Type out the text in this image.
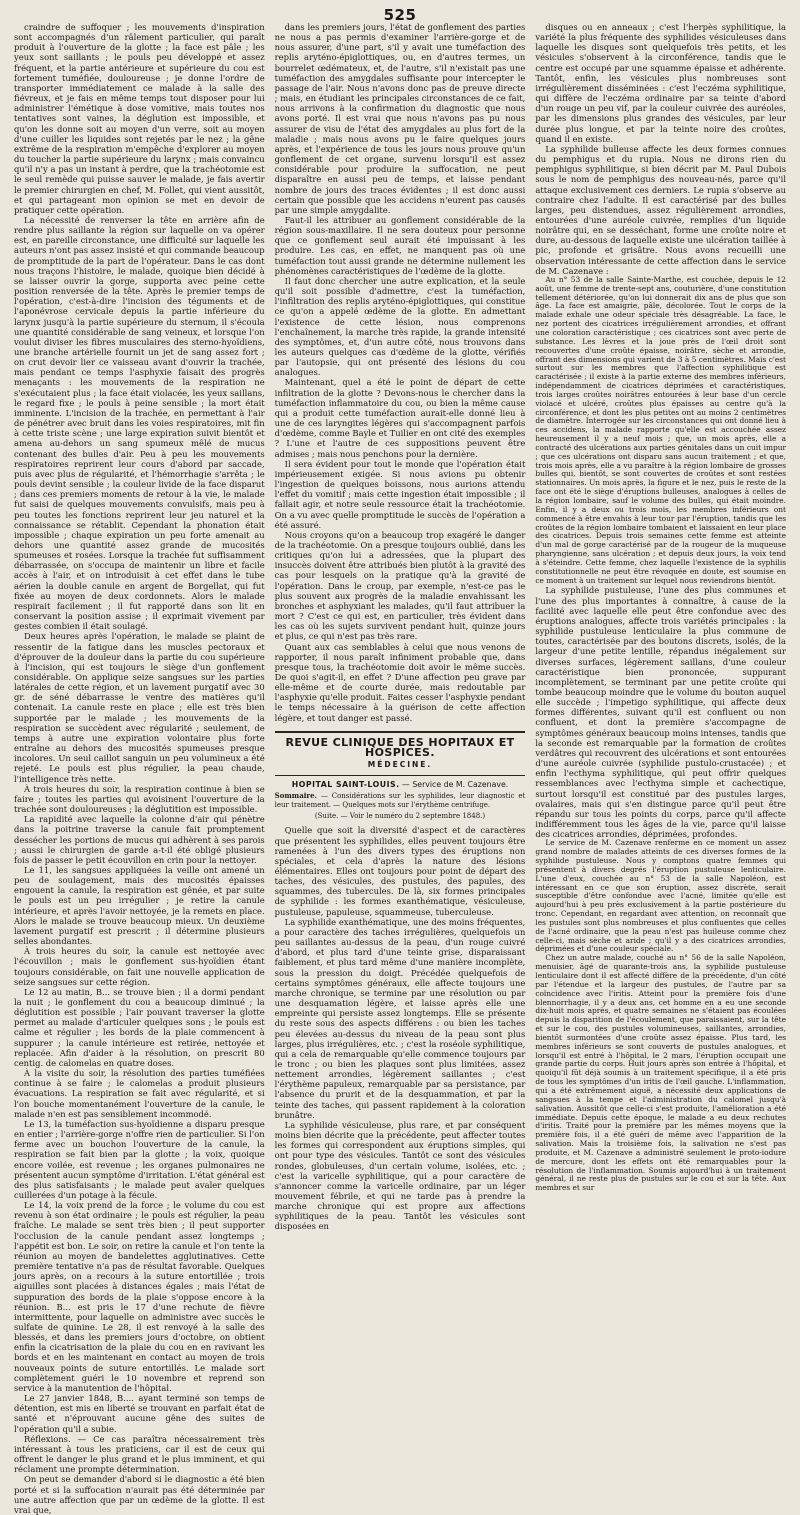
525

craindre de suffoquer ; les mouvements d'inspiration sont accompagnés d'un râlement particulier, qui paraît produit à l'ouverture de la glotte ; la face est pâle ; les yeux sont saillants ; le pouls peu développé et assez fréquent, et la partie antérieure et supérieure du cou est fortement tuméfiée, douloureuse ; je donne l'ordre de transporter immédiatement ce malade à la salle des fiévreux, et je fais en même temps tout disposer pour lui administrer l'émétique à dose vomitive, mais toutes nos tentatives sont vaines, la déglution est impossible, et qu'on les donne soit au moyen d'un verre, soit au moyen d'une cuiller les liquides sont rejetés par le nez ; la gêne extrême de la respiration m'empêche d'explorer au moyen du toucher la partie supérieure du larynx ; mais convaincu qu'il n'y a pas un instant à perdre, que la trachéotomie est le seul remède qui puisse sauver le malade, je fais avertir le premier chirurgien en chef, M. Follet, qui vient aussitôt, et qui partageant mon opinion se met en devoir de pratiquer cette opération.

La nécessité de renverser la tête en arrière afin de rendre plus saillante la région sur laquelle on va opérer est, en pareille circonstance, une difficulté sur laquelle les auteurs n'ont pas assez insisté et qui commande beaucoup de promptitude de la part de l'opérateur. Dans le cas dont nous traçons l'histoire, le malade, quoique bien décidé à se laisser ouvrir la gorge, supporta avec peine cette position renversée de la tête. Après le premier temps de l'opération, c'est-à-dire l'incision des téguments et de l'aponévrose cervicale depuis la partie inférieure du larynx jusqu'à la partie supérieure du sternum, il s'écoula une quantité considérable de sang veineux, et lorsque l'on voulut diviser les fibres musculaires des sterno-hyoïdiens, une branche artérielle fournit un jet de sang assez fort ; on crut devoir lier ce vaisseau avant d'ouvrir la trachée, mais pendant ce temps l'asphyxie faisait des progrès menaçants : les mouvements de la respiration ne s'exécutaient plus ; la face était violacée, les yeux saillans, le regard fixe ; le pouls à peine sensible ; la mort était imminente. L'incision de la trachée, en permettant à l'air de pénétrer avec bruit dans les voies respiratoires, mit fin à cette triste scène ; une large expiration suivit bientôt et amena au-dehors un sang spumeux mêlé de mucus contenant des bulles d'air. Peu à peu les mouvements respiratoires reprirent leur cours d'abord par saccade, puis avec plus de régularité, et l'hémorrhagie s'arrêta ; le pouls devint sensible ; la couleur livide de la face disparut ; dans ces premiers moments de retour à la vie, le malade fut saisi de quelques mouvements convulsifs, mais peu à peu toutes les fonctions reprirent leur jeu naturel et la connaissance se rétablit. Cependant la phonation était impossible ; chaque expiration un peu forte amenait au dehors une quantité assez grande de mucosités spumeuses et rosées. Lorsque la trachée fut suffisamment débarrassée, on s'occupa de maintenir un libre et facile accès à l'air, et on introduisit à cet effet dans le tube aérien la double canule en argent de Borgellat, qui fut fixée au moyen de deux cordonnets. Alors le malade respirait facilement ; il fut rapporté dans son lit en conservant la position assise ; il exprimait vivement par gestes combien il était soulagé.

Deux heures après l'opération, le malade se plaint de ressentir de la fatigue dans les muscles pectoraux et d'éprouver de la douleur dans la partie du cou supérieure à l'incision, qui est toujours le siège d'un gonflement considérable. On applique seize sangsues sur les parties latérales de cette région, et un lavement purgatif avec 30 gr. de séné débarrasse le ventre des matières qu'il contenait. La canule reste en place ; elle est très bien supportée par le malade ; les mouvements de la respiration se succèdent avec régularité ; seulement, de temps à autre une expiration volontaire plus forte entraîne au dehors des mucosités spumeuses presque incolores. Un seul caillot sanguin un peu volumineux a été rejeté. Le pouls est plus régulier, la peau chaude, l'intelligence très nette.

À trois heures du soir, la respiration continue à bien se faire ; toutes les parties qui avoisinent l'ouverture de la trachée sont douloureuses ; la déglutition est impossible.

La rapidité avec laquelle la colonne d'air qui pénètre dans la poitrine traverse la canule fait promptement dessécher les portions de mucus qui adhèrent à ses parois ; aussi le chirurgien de garde a-t-il été obligé plusieurs fois de passer le petit écouvillon en crin pour la nettoyer.

Le 11, les sangsues appliquées la veille ont amené un peu de soulagement, mais des mucosités épaisses engouent la canule, la respiration est gênée, et par suite le pouls est un peu irrégulier ; je retire la canule intérieure, et après l'avoir nettoyée, je la remets en place. Alors le malade se trouve beaucoup mieux. Un deuxième lavement purgatif est prescrit ; il détermine plusieurs selles abondantes.

À trois heures du soir, la canule est nettoyée avec l'écouvillon ; mais le gonflement sus-hyoïdien étant toujours considérable, on fait une nouvelle application de seize sangsues sur cette région.

Le 12 au matin, B... se trouve bien ; il a dormi pendant la nuit ; le gonflement du cou a beaucoup diminué ; la déglutition est possible ; l'air pouvant traverser la glotte permet au malade d'articuler quelques sons ; le pouls est calme et régulier ; les bords de la plaie commencent à suppurer ; la canule intérieure est retirée, nettoyée et replacée. Afin d'aider à la résolution, on prescrit 80 centig. de calomelas en quatre doses.

À la visite du soir, la résolution des parties tuméfiées continue à se faire ; le calomelas a produit plusieurs évacuations. La respiration se fait avec régularité, et si l'on bouche momentanément l'ouverture de la canule, le malade n'en est pas sensiblement incommodé.

Le 13, la tuméfaction sus-hyoïdienne a disparu presque en entier ; l'arrière-gorge n'offre rien de particulier. Si l'on ferme avec un bouchon l'ouverture de la canule, la respiration se fait bien par la glotte ; la voix, quoique encore voilée, est revenue ; les organes pulmonaires ne présentent aucun symptôme d'irritation. L'état général est des plus satisfaisants ; le malade peut avaler quelques cuillerées d'un potage à la fécule.

Le 14, la voix prend de la force ; le volume du cou est revenu à son état ordinaire ; le pouls est régulier, la peau fraîche. Le malade se sent très bien ; il peut supporter l'occlusion de la canule pendant assez longtemps ; l'appétit est bon. Le soir, on retire la canule et l'on tente la réunion au moyen de bandelettes agglutinatives. Cette première tentative n'a pas de résultat favorable. Quelques jours après, on a recours à la suture entortillée ; trois aiguilles sont placées à distances égales ; mais l'état de suppuration des bords de la plaie s'oppose encore à la réunion. B... est pris le 17 d'une rechute de fièvre intermittente, pour laquelle on administre avec succès le sulfate de quinine. Le 28, il est renvoyé à la salle des blessés, et dans les premiers jours d'octobre, on obtient enfin la cicatrisation de la plaie du cou en en ravivant les bords et en les maintenant en contact au moyen de trois nouveaux points de suture entortillés. Le malade sort complètement guéri le 10 novembre et reprend son service à la manutention de l'hôpital.

Le 27 janvier 1848, B.... ayant terminé son temps de détention, est mis en liberté se trouvant en parfait état de santé et n'éprouvant aucune gêne des suites de l'opération qu'il a subie.

Réflexions. — Ce cas paraîtra nécessairement très intéressant à tous les praticiens, car il est de ceux qui offrent le danger le plus grand et le plus imminent, et qui réclament une prompte détermination.

On peut se demander d'abord si le diagnostic a été bien porté et si la suffocation n'aurait pas été déterminée par une autre affection que par un œdème de la glotte. Il est vrai que,

dans les premiers jours, l'état de gonflement des parties ne nous a pas permis d'examiner l'arrière-gorge et de nous assurer, d'une part, s'il y avait une tuméfaction des replis aryténo-épiglottiques, ou, en d'autres termes, un bourrelet œdémateux, et, de l'autre, s'il n'existait pas une tuméfaction des amygdales suffisante pour intercepter le passage de l'air. Nous n'avons donc pas de preuve directe ; mais, en étudiant les principales circonstances de ce fait, nous arrivons à la confirmation du diagnostic que nous avons porté. Il est vrai que nous n'avons pas pu nous assurer de visu de l'état des amygdales au plus fort de la maladie ; mais nous avons pu le faire quelques jours après, et l'expérience de tous les jours nous prouve qu'un gonflement de cet organe, survenu lorsqu'il est assez considérable pour produire la suffocation, ne peut disparaître en aussi peu de temps, et laisse pendant nombre de jours des traces évidentes ; il est donc aussi certain que possible que les accidens n'eurent pas causés par une simple amygdalite.

Faut-il les attribuer au gonflement considérable de la région sous-maxillaire. Il ne sera douteux pour personne que ce gonflement seul aurait été impuissant à les produire. Les cas, en effet, ne manquent pas où une tuméfaction tout aussi grande ne détermine nullement les phénomènes caractéristiques de l'œdème de la glotte.

Il faut donc chercher une autre explication, et la seule qu'il soit possible d'admettre, c'est la tuméfaction, l'infiltration des replis aryténo-épiglottiques, qui constitue ce qu'on a appelé œdème de la glotte. En admettant l'existence de cette lésion, nous comprenons l'enchaînement, la marche très rapide, la grande intensité des symptômes, et, d'un autre côté, nous trouvons dans les auteurs quelques cas d'œdème de la glotte, vérifiés par l'autopsie, qui ont présenté des lésions du cou analogues.

Maintenant, quel a été le point de départ de cette infiltration de la glotte ? Devons-nous le chercher dans la tuméfaction inflammatoire du cou, ou bien la même cause qui a produit cette tuméfaction aurait-elle donné lieu à une de ces laryngites légères qui s'accompagnent parfois d'œdème, comme Bayle et Tuilier en ont cité des exemples ? L'une et l'autre de ces suppositions peuvent être admises ; mais nous penchons pour la dernière.

Il sera évident pour tout le monde que l'opération était impérieusement exigée. Si nous avions pu obtenir l'ingestion de quelques boissons, nous aurions attendu l'effet du vomitif ; mais cette ingestion était impossible ; il fallait agir, et notre seule ressource était la trachéotomie. On a vu avec quelle promptitude le succès de l'opération a été assuré.

Nous croyons qu'on a beaucoup trop exagéré le danger de la trachéotomie. On a presque toujours oublié, dans les critiques qu'on lui a adressées, que la plupart des insuccès doivent être attribués bien plutôt à la gravité des cas pour lesquels on la pratique qu'à la gravité de l'opération. Dans le croup, par exemple, n'est-ce pas le plus souvent aux progrès de la maladie envahissant les bronches et asphyxiant les malades, qu'il faut attribuer la mort ? C'est ce qui est, en particulier, très évident dans les cas où les sujets survivent pendant huit, quinze jours et plus, ce qui n'est pas très rare.

Quant aux cas semblables à celui que nous venons de rapporter, il nous paraît infiniment probable que, dans presque tous, la trachéotomie doit avoir le même succès. De quoi s'agit-il, en effet ? D'une affection peu grave par elle-même et de courte durée, mais redoutable par l'asphyxie qu'elle produit. Faites cesser l'asphyxie pendant le temps nécessaire à la guérison de cette affection légère, et tout danger est passé.

REVUE CLINIQUE DES HOPITAUX ET HOSPICES.
MÉDECINE.
HOPITAL SAINT-LOUIS. — Service de M. Cazenave.
Sommaire. — Considérations sur les syphilides, leur diagnostic et leur traitement. — Quelques mots sur l'érythème centrifuge.
(Suite. — Voir le numéro du 2 septembre 1848.)

Quelle que soit la diversité d'aspect et de caractères que présentent les syphilides, elles peuvent toujours être ramenées à l'un des divers types des éruptions non spéciales, et cela d'après la nature des lésions élémentaires. Elles ont toujours pour point de départ des taches, des vésicules, des pustules, des papules, des squammes, des tubercules. De là, six formes principales de syphilide : les formes exanthématique, vésiculeuse, pustuleuse, papuleuse, squammeuse, tuberculeuse.

La syphilide exanthématique, une des moins fréquentes, a pour caractère des taches irrégulières, quelquefois un peu saillantes au-dessus de la peau, d'un rouge cuivré d'abord, et plus tard d'une teinte grise, disparaissant faiblement, et plus tard même d'une manière incomplète, sous la pression du doigt. Précédée quelquefois de certains symptômes généraux, elle affecte toujours une marche chronique, se termine par une résolution ou par une desquamation légère, et laisse après elle une empreinte qui persiste assez longtemps. Elle se présente du reste sous des aspects différens : ou bien les taches peu élevées au-dessus du niveau de la peau sont plus larges, plus irrégulières, etc. ; c'est la roséole syphilitique, qui a cela de remarquable qu'elle commence toujours par le tronc ; ou bien les plaques sont plus limitées, assez nettement arrondies, légèrement saillantes ; c'est l'érythème papuleux, remarquable par sa persistance, par l'absence du prurit et de la desquammation, et par la teinte des taches, qui passent rapidement à la coloration brunâtre.

La syphilide vésiculeuse, plus rare, et par conséquent moins bien décrite que la précédente, peut affecter toutes les formes qui correspondent aux éruptions simples, qui ont pour type des vésicules. Tantôt ce sont des vésicules rondes, globuleuses, d'un certain volume, isolées, etc. ; c'est la varicelle syphilitique, qui a pour caractère de s'annoncer comme la varicelle ordinaire, par un léger mouvement fébrile, et qui ne tarde pas à prendre la marche chronique qui est propre aux affections syphilitiques de la peau. Tantôt les vésicules sont disposées en

disques ou en anneaux ; c'est l'herpès syphilitique, la variété la plus fréquente des syphilides vésiculeuses dans laquelle les disques sont quelquefois très petits, et les vésicules s'observent à la circonférence, tandis que le centre est occupé par une squamme épaisse et adhérente. Tantôt, enfin, les vésicules plus nombreuses sont irrégulièrement disséminées : c'est l'eczéma syphilitique, qui diffère de l'eczéma ordinaire par sa teinte d'abord d'un rouge un peu vif, par la couleur cuivrée des auréoles, par les dimensions plus grandes des vésicules, par leur durée plus longue, et par la teinte noire des croûtes, quand il en existe.

La syphilide bulleuse affecte les deux formes connues du pemphigus et du rupia. Nous ne dirons rien du pemphigus syphilitique, si bien décrit par M. Paul Dubois sous le nom de pemphigus des nouveau-nés, parce qu'il attaque exclusivement ces derniers. Le rupia s'observe au contraire chez l'adulte. Il est caractérisé par des bulles larges, peu distendues, assez régulièrement arrondies, entourées d'une auréole cuivrée, remplies d'un liquide noirâtre qui, en se desséchant, forme une croûte noire et dure, au-dessous de laquelle existe une ulcération taillée à pic, profonde et grisâtre. Nous avons recueilli une observation intéressante de cette affection dans le service de M. Cazenave :

Au n° 53 de la salle Sainte-Marthe, est couchée, depuis le 12 août, une femme de trente-sept ans, couturière, d'une constitution tellement détériorée, qu'on lui donnerait dix ans de plus que son âge. La face est amaigrie, pâle, décolorée. Tout le corps de la malade exhale une odeur spéciale très désagréable. La face, le nez portent des cicatrices irrégulièrement arrondies, et offrant une coloration caractéristique ; ces cicatrices sont avec perte de substance. Les lèvres et la joue près de l'œil droit sont recouvertes d'une croûte épaisse, noirâtre, sèche et arrondie, offrant des dimensions qui varient de 3 à 5 centimètres. Mais c'est surtout sur les membres que l'affection syphilitique est caractérisée ; il existe à la partie externe des membres inférieurs, indépendamment de cicatrices déprimées et caractéristiques, trois larges croûtes noirâtres entourées à leur base d'un cercle violacé et ulcéré, croûtes plus épaisses au centre qu'à la circonférence, et dont les plus petites ont au moins 2 centimètres de diamètre. Interrogée sur les circonstances qui ont donné lieu à ces accidens, la malade rapporte qu'elle est accouchée assez heureusement il y a neuf mois ; que, un mois après, elle a contracté des ulcérations aux parties génitales dans un cuit impur ; que ces ulcérations ont disparu sans aucun traitement ; et que, trois mois après, elle a vu paraître à la région lombaire de grosses bulles qui, bientôt, se sont couvertes de croûtes et sont restées stationnaires. Un mois après, la figure et le nez, puis le reste de la face ont été le siège d'éruptions bulleuses, analogues à celles de la région lombaire, sauf le volume des bulles, qui était moindre. Enfin, il y a deux ou trois mois, les membres inférieurs ont commencé à être envahis à leur tour par l'éruption, tandis que les croûtes de la région lombaire tombaient et laissaient en leur place des cicatrices. Depuis trois semaines cette femme est atteinte d'un mal de gorge caractérisé par de la rougeur de la muqueuse pharyngienne, sans ulcération ; et depuis deux jours, la voix tend à s'éteindre. Cette femme, chez laquelle l'existence de la syphilis constitutionnelle ne peut être révoquée en doute, est soumise en ce moment à un traitement sur lequel nous reviendrons bientôt.

La syphilide pustuleuse, l'une des plus communes et l'une des plus importantes à connaître, à cause de la facilité avec laquelle elle peut être confondue avec des éruptions analogues, affecte trois variétés principales : la syphilide pustuleuse lenticulaire la plus commune de toutes, caractérisée par des boutons discrets, isolés, de la largeur d'une petite lentille, répandus inégalement sur diverses surfaces, légèrement saillans, d'une couleur caractéristique bien prononcée, suppurant incomplètement, se terminant par une petite croûte qui tombe beaucoup moindre que le volume du bouton auquel elle succède ; l'impetigo syphilitique, qui affecte deux formes différentes, suivant qu'il est confluent ou non confluent, et dont la première s'accompagne de symptômes généraux beaucoup moins intenses, tandis que la seconde est remarquable par la formation de croûtes verdâtres qui recouvrent des ulcérations et sont entourées d'une auréole cuivrée (syphilide pustulo-crustacée) ; et enfin l'ecthyma syphilitique, qui peut offrir quelques ressemblances avec l'ecthyma simple et cachectique, surtout lorsqu'il est constitué par des pustules larges, ovalaires, mais qui s'en distingue parce qu'il peut être répandu sur tous les points du corps, parce qu'il affecte indifféremment tous les âges de la vie, parce qu'il laisse des cicatrices arrondies, déprimées, profondes.

Le service de M. Cazenave renferme en ce moment un assez grand nombre de malades atteints de ces diverses formes de la syphilide pustuleuse. Nous y comptons quatre femmes qui présentent à divers degrés l'éruption pustuleuse lenticulaire. L'une d'eux, couchée au n° 53 de la salle Napoléon, est intéressant en ce que son éruption, assez discrète, serait susceptible d'être confondue avec l'acné, limitée qu'elle est aujourd'hui à peu près exclusivement à la partie postérieure du tronc. Cependant, en regardant avec attention, on reconnaît que les pustules sont plus nombreuses et plus confluentes que celles de l'acné ordinaire, que la peau n'est pas huileuse comme chez celle-ci, mais sèche et aride ; qu'il y a des cicatrices arrondies, déprimées et d'une couleur spéciale.

Chez un autre malade, couché au n° 56 de la salle Napoléon, menuisier, âgé de quarante-trois ans, la syphilide pustuleuse lenticulaire dont il est affecté diffère de la précédente, d'un côté par l'étendue et la largeur des pustules, de l'autre par sa coïncidence avec l'iritis. Atteint pour la première fois d'une blennorrhagie, il y a deux ans, cet homme en a eu une seconde dix-huit mois après, et quatre semaines ne s'étaient pas écoulées depuis la disparition de l'écoulement, que paraissaient, sur la tête et sur le cou, des pustules volumineuses, saillantes, arrondies, bientôt surmontées d'une croûte assez épaisse. Plus tard, les membres inférieurs se sont couverts de pustules analogues, et lorsqu'il est entré à l'hôpital, le 2 mars, l'éruption occupait une grande partie du corps. Huit jours après son entrée à l'hôpital, et quoiqu'il fût déjà soumis à un traitement spécifique, il a été pris de tous les symptômes d'un iritis de l'œil gauche. L'inflammation, qui a été extrêmement aiguë, a nécessité deux applications de sangsues à la tempe et l'administration du calomel jusqu'à salivation. Aussitôt que celle-ci s'est produite, l'amélioration a été immédiate. Depuis cette époque, le malade a eu deux rechutes d'iritis. Traité pour la première par les mêmes moyens que la première fois, il a été guéri de même avec l'apparition de la salivation. Mais la troisième fois, la salivation ne s'est pas produite, et M. Cazenave a administré seulement le proto-iodure de mercure, dont les effets ont été remarquables pour la résolution de l'inflammation. Soumis aujourd'hui à un traitement général, il ne reste plus de pustules sur le cou et sur la tête. Aux membres et sur
